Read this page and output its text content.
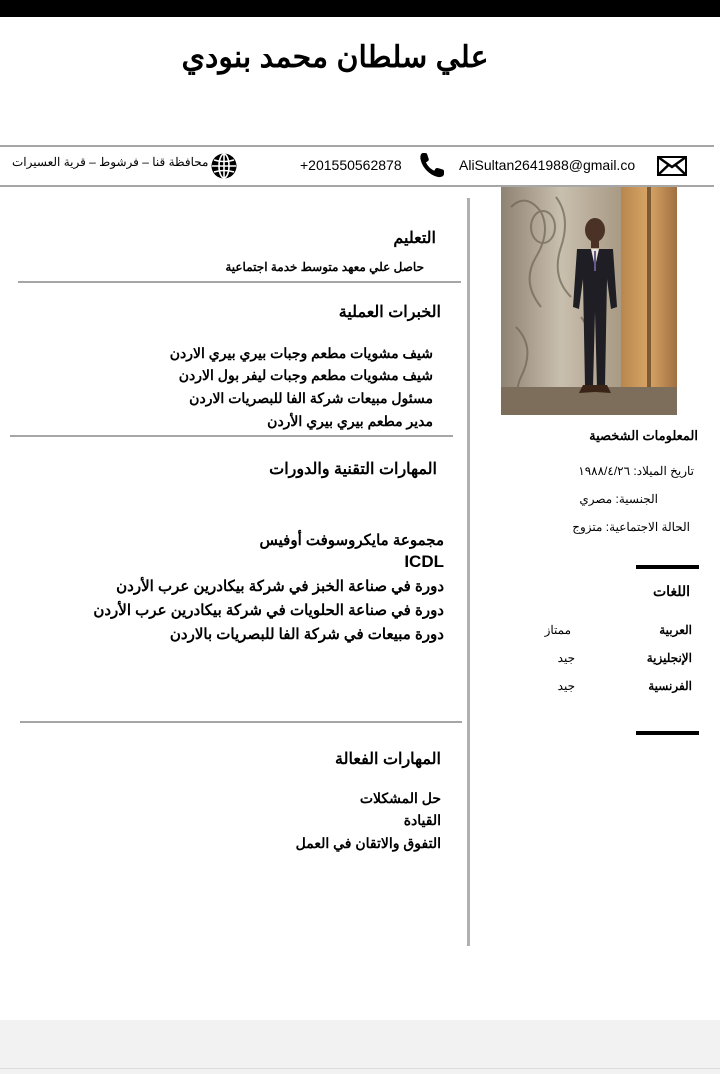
علي سلطان محمد بنودي
محافظة قنا – فرشوط – قرية العسيرات	+201550562878	AliSultan2641988@gmail.co
التعليم
حاصل علي معهد متوسط خدمة اجتماعية
الخبرات العملية
شيف مشويات مطعم وجبات بيري بيري الاردن
شيف مشويات مطعم وجبات ليفر بول الاردن
مسئول مبيعات شركة الفا للبصريات الاردن
مدير مطعم بيري بيري الأردن
المهارات التقنية والدورات
مجموعة مايكروسوفت أوفيس
ICDL
دورة في صناعة الخبز في شركة بيكادرين عرب الأردن
دورة في صناعة الحلويات في شركة بيكادرين عرب الأردن
دورة مبيعات في شركة الفا للبصريات بالاردن
المهارات الفعالة
حل المشكلات
القيادة
التفوق والاتقان في العمل
المعلومات الشخصية
تاريخ الميلاد: ١٩٨٨/٤/٢٦
الجنسية: مصري
الحالة الاجتماعية: متزوج
اللغات
العربية
ممتاز
الإنجليزية
جيد
الفرنسية
جيد
